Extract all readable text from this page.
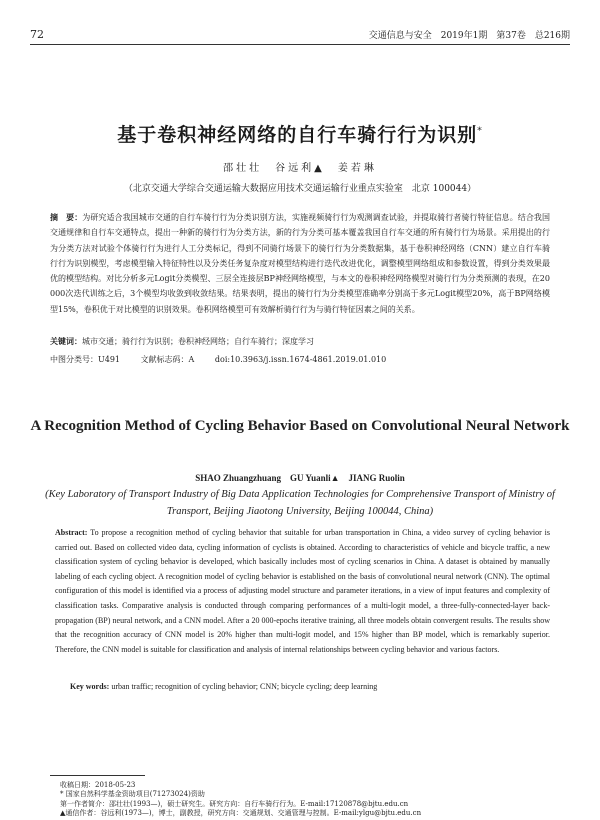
72	交通信息与安全　2019年1期　第37卷　总216期
基于卷积神经网络的自行车骑行行为识别*
邵壮壮　谷远利▲　姜若琳
（北京交通大学综合交通运输大数据应用技术交通运输行业重点实验室　北京 100044）
摘　要：为研究适合我国城市交通的自行车骑行行为分类识别方法，实施视频骑行行为观测调查试验，并提取骑行者骑行特征信息。结合我国交通规律和自行车交通特点，提出一种新的骑行行为分类方法，新的行为分类可基本覆盖我国自行车交通的所有骑行行为场景。采用提出的行为分类方法对试验个体骑行行为进行人工分类标记，得到不同骑行场景下的骑行行为分类数据集，基于卷积神经网络（CNN）建立自行车骑行行为识别模型，考虑模型输入特征特性以及分类任务复杂度对模型结构进行迭代改进优化，调整模型网络组成和参数设置，得到分类效果最优的模型结构。对比分析多元Logit分类模型、三层全连接层BP神经网络模型，与本文的卷积神经网络模型对骑行行为分类预测的表现，在20 000次迭代训练之后，3个模型均收敛到收敛结果。结果表明，提出的骑行行为分类模型准确率分别高于多元Logit模型20%，高于BP网络模型15%，卷积优于对比模型的识别效果。卷积网络模型可有效解析骑行行为与骑行特征因素之间的关系。
关键词：城市交通；骑行行为识别；卷积神经网络；自行车骑行；深度学习
中图分类号：U491	文献标志码：A	doi:10.3963/j.issn.1674-4861.2019.01.010
A Recognition Method of Cycling Behavior Based on Convolutional Neural Network
SHAO Zhuangzhuang　GU Yuanli▲　JIANG Ruolin
(Key Laboratory of Transport Industry of Big Data Application Technologies for Comprehensive Transport of Ministry of Transport, Beijing Jiaotong University, Beijing 100044, China)
Abstract: To propose a recognition method of cycling behavior that suitable for urban transportation in China, a video survey of cycling behavior is carried out. Based on collected video data, cycling information of cyclists is obtained. According to characteristics of vehicle and bicycle traffic, a new classification system of cycling behavior is developed, which basically includes most of cycling scenarios in China. A dataset is obtained by manually labeling of each cycling object. A recognition model of cycling behavior is established on the basis of convolutional neural network (CNN). The optimal configuration of this model is identified via a process of adjusting model structure and parameter iterations, in a view of input features and complexity of classification tasks. Comparative analysis is conducted through comparing performances of a multi-logit model, a three-fully-connected-layer back-propagation (BP) neural network, and a CNN model. After a 20 000-epochs iterative training, all three models obtain convergent results. The results show that the recognition accuracy of CNN model is 20% higher than multi-logit model, and 15% higher than BP model, which is remarkably superior. Therefore, the CNN model is suitable for classification and analysis of internal relationships between cycling behavior and various factors.
Key words: urban traffic; recognition of cycling behavior; CNN; bicycle cycling; deep learning
收稿日期：2018-05-23
* 国家自然科学基金资助项目(71273024)资助
第一作者简介：邵壮壮(1993—)，硕士研究生。研究方向：自行车骑行行为。E-mail:17120878@bjtu.edu.cn
▲通信作者：谷远利(1973—)，博士，副教授，研究方向：交通规划、交通管理与控制。E-mail:ylgu@bjtu.edu.cn
